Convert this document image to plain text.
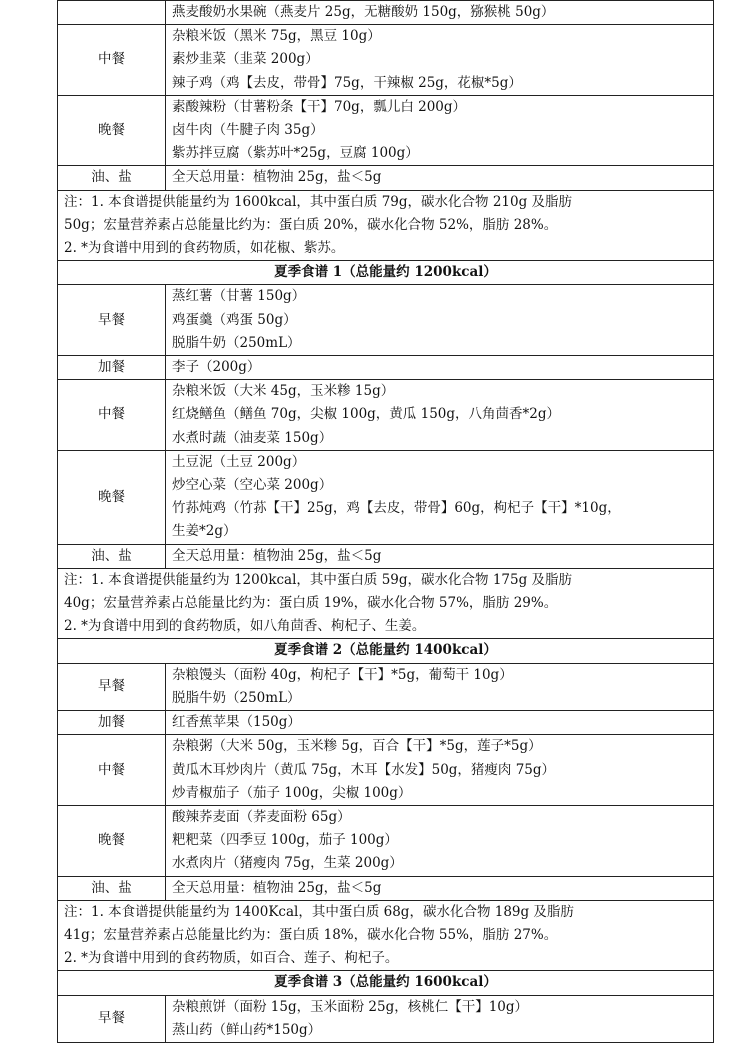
	燕麦酸奶水果碗（燕麦片 25g，无糖酸奶 150g，猕猴桃 50g）

中餐	杂粮米饭（黑米 75g，黑豆 10g）
素炒韭菜（韭菜 200g）
辣子鸡（鸡【去皮，带骨】75g，干辣椒 25g，花椒*5g）

晚餐	素酸辣粉（甘薯粉条【干】70g，瓢儿白 200g）
卤牛肉（牛腱子肉 35g）
紫苏拌豆腐（紫苏叶*25g，豆腐 100g）

油、盐	全天总用量：植物油 25g，盐＜5g

注：1. 本食谱提供能量约为 1600kcal，其中蛋白质 79g，碳水化合物 210g 及脂肪
50g；宏量营养素占总能量比约为：蛋白质 20%，碳水化合物 52%，脂肪 28%。
2. *为食谱中用到的食药物质，如花椒、紫苏。	

夏季食谱 1（总能量约 1200kcal）	
早餐	蒸红薯（甘薯 150g）
鸡蛋羹（鸡蛋 50g）
脱脂牛奶（250mL）

加餐	李子（200g）

中餐	杂粮米饭（大米 45g，玉米糁 15g）
红烧鳝鱼（鳝鱼 70g，尖椒 100g，黄瓜 150g，八角茴香*2g）
水煮时蔬（油麦菜 150g）

晚餐	土豆泥（土豆 200g）
炒空心菜（空心菜 200g）
竹荪炖鸡（竹荪【干】25g，鸡【去皮，带骨】60g，枸杞子【干】*10g，
生姜*2g）

油、盐	全天总用量：植物油 25g，盐＜5g

注：1. 本食谱提供能量约为 1200kcal，其中蛋白质 59g，碳水化合物 175g 及脂肪
40g；宏量营养素占总能量比约为：蛋白质 19%，碳水化合物 57%，脂肪 29%。
2. *为食谱中用到的食药物质，如八角茴香、枸杞子、生姜。	

夏季食谱 2（总能量约 1400kcal）	
早餐	杂粮馒头（面粉 40g，枸杞子【干】*5g，葡萄干 10g）
脱脂牛奶（250mL）

加餐	红香蕉苹果（150g）

中餐	杂粮粥（大米 50g，玉米糁 5g，百合【干】*5g，莲子*5g）
黄瓜木耳炒肉片（黄瓜 75g，木耳【水发】50g，猪瘦肉 75g）
炒青椒茄子（茄子 100g，尖椒 100g）

晚餐	酸辣荞麦面（荞麦面粉 65g）
粑粑菜（四季豆 100g，茄子 100g）
水煮肉片（猪瘦肉 75g，生菜 200g）

油、盐	全天总用量：植物油 25g，盐＜5g

注：1. 本食谱提供能量约为 1400Kcal，其中蛋白质 68g，碳水化合物 189g 及脂肪
41g；宏量营养素占总能量比约为：蛋白质 18%，碳水化合物 55%，脂肪 27%。
2. *为食谱中用到的食药物质，如百合、莲子、枸杞子。	

夏季食谱 3（总能量约 1600kcal）	
早餐	杂粮煎饼（面粉 15g，玉米面粉 25g，核桃仁【干】10g）
蒸山药（鲜山药*150g）
